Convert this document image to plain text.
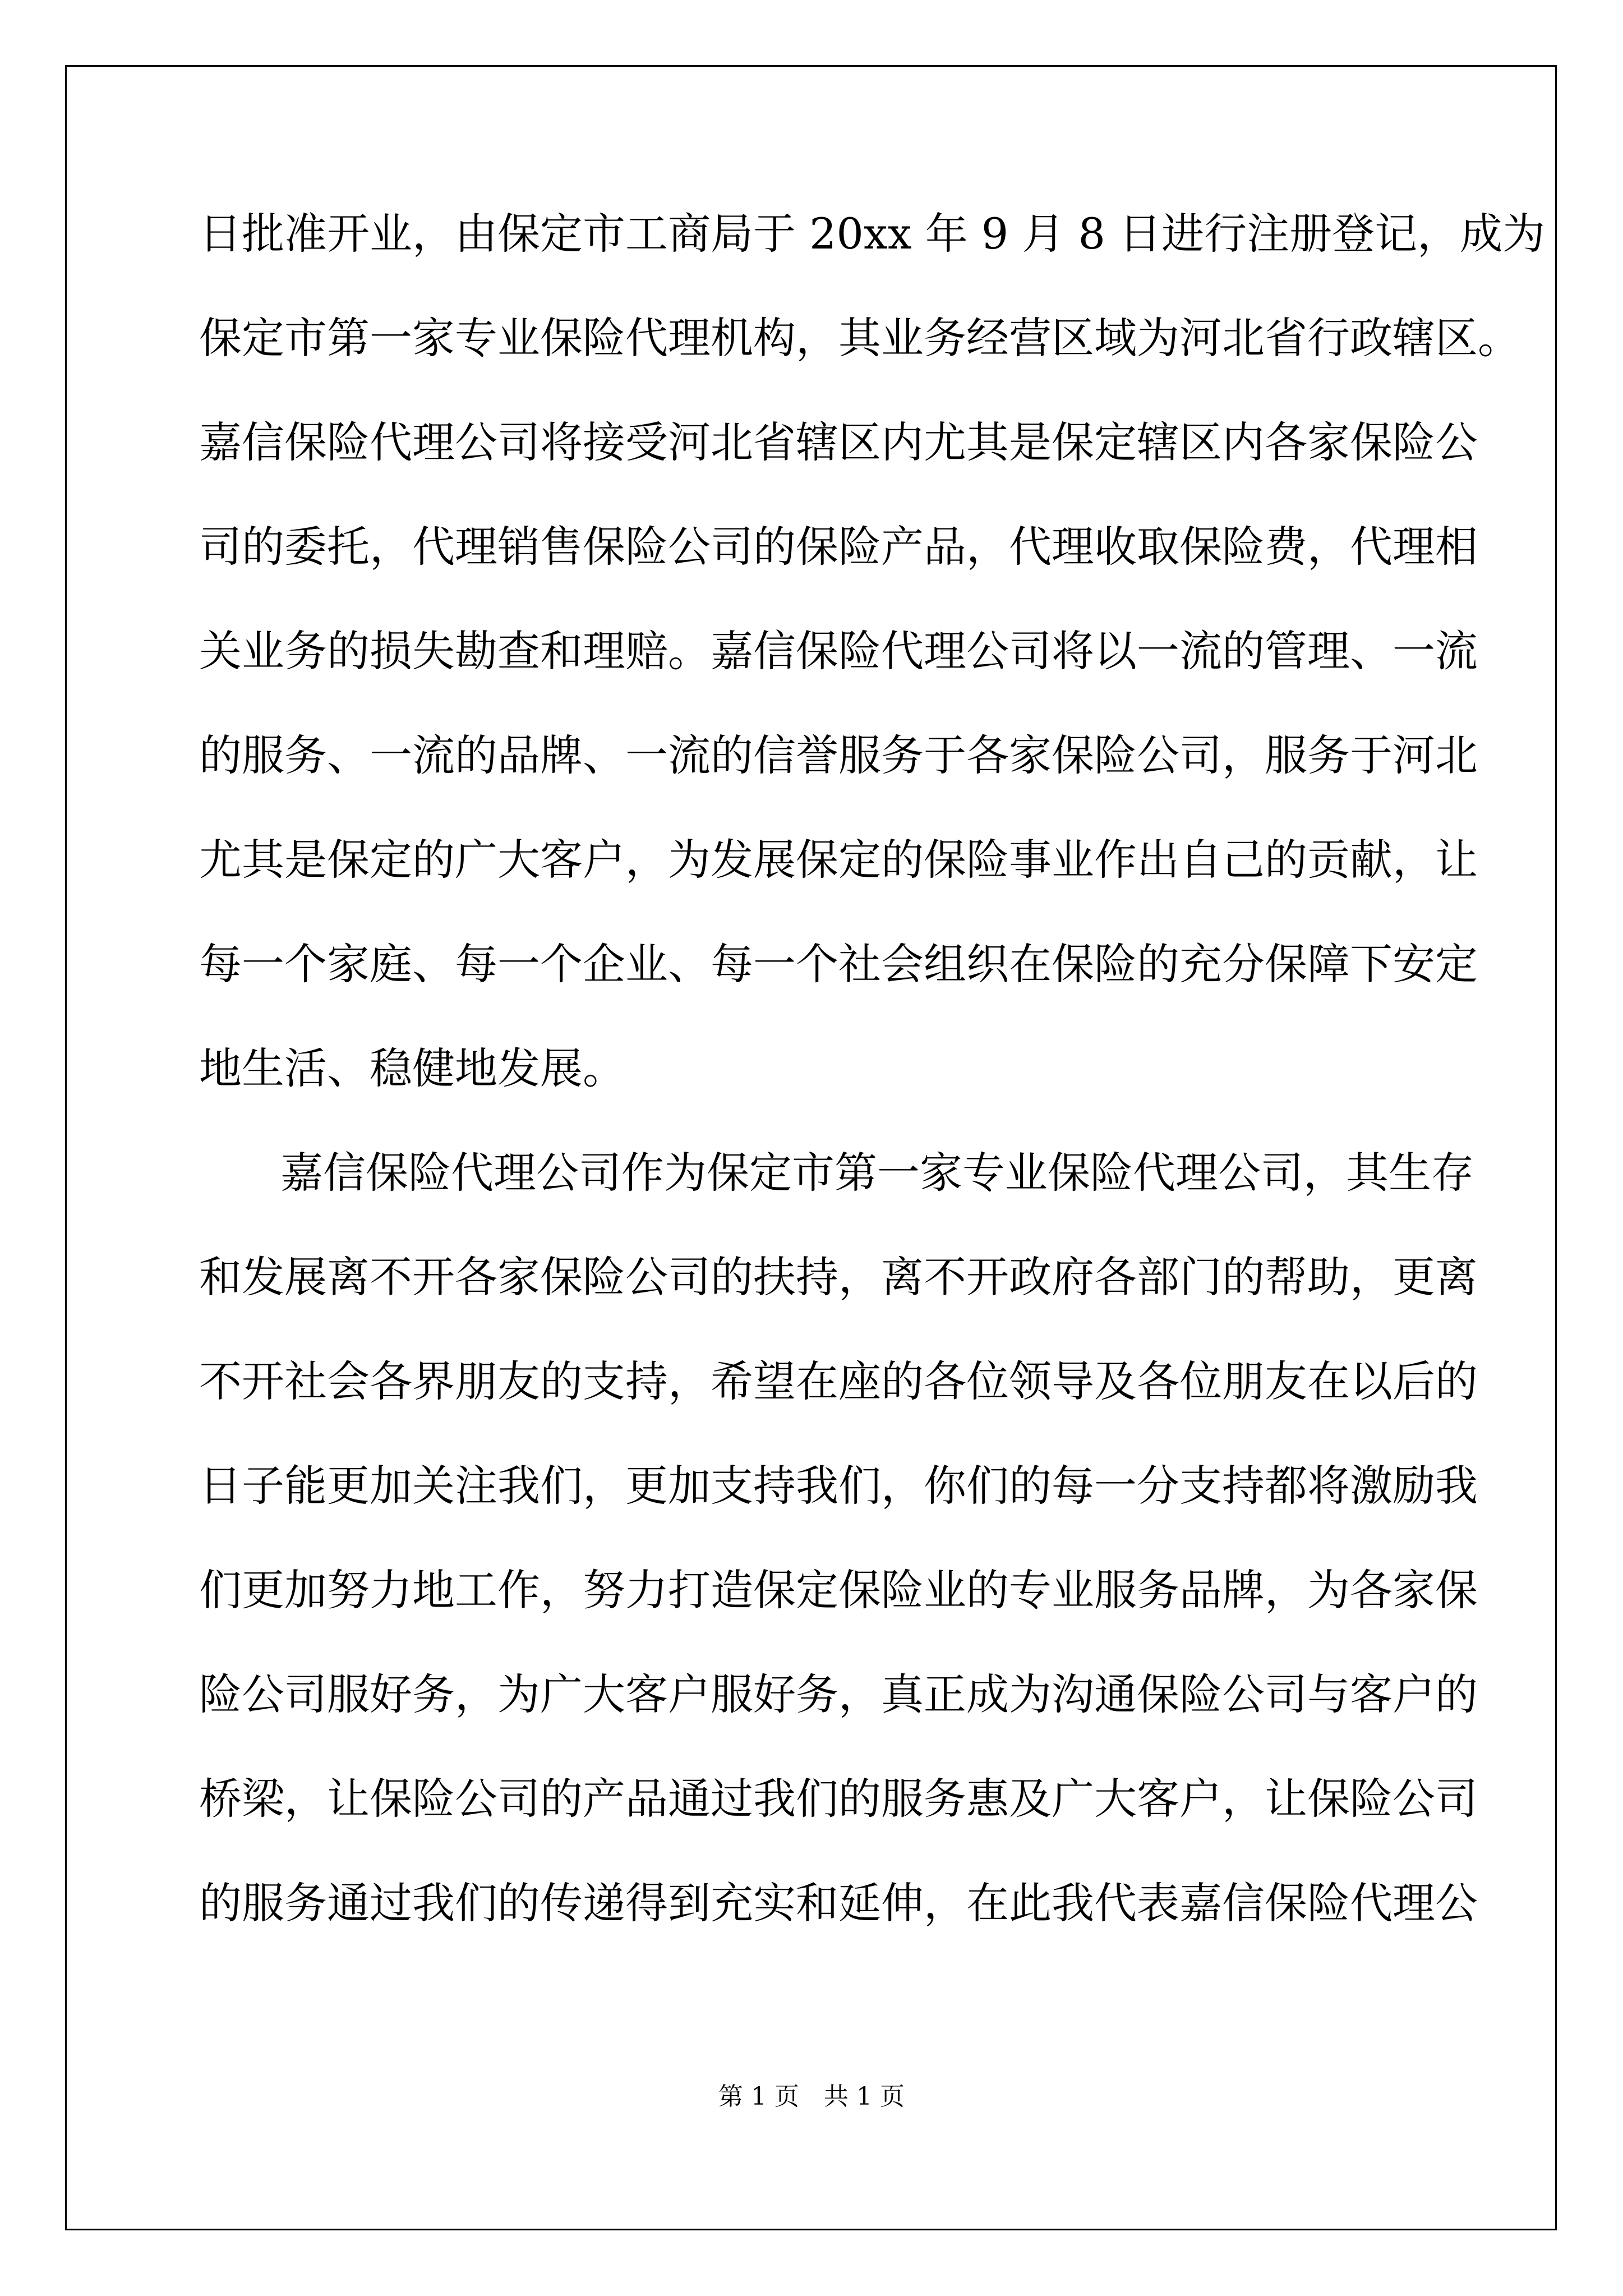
日批准开业，由保定市工商局于 20xx 年 9 月 8 日进行注册登记，成为
保定市第一家专业保险代理机构，其业务经营区域为河北省行政辖区。
嘉信保险代理公司将接受河北省辖区内尤其是保定辖区内各家保险公
司的委托，代理销售保险公司的保险产品，代理收取保险费，代理相
关业务的损失勘查和理赔。嘉信保险代理公司将以一流的管理、一流
的服务、一流的品牌、一流的信誉服务于各家保险公司，服务于河北
尤其是保定的广大客户，为发展保定的保险事业作出自己的贡献，让
每一个家庭、每一个企业、每一个社会组织在保险的充分保障下安定
地生活、稳健地发展。
嘉信保险代理公司作为保定市第一家专业保险代理公司，其生存
和发展离不开各家保险公司的扶持，离不开政府各部门的帮助，更离
不开社会各界朋友的支持，希望在座的各位领导及各位朋友在以后的
日子能更加关注我们，更加支持我们，你们的每一分支持都将激励我
们更加努力地工作，努力打造保定保险业的专业服务品牌，为各家保
险公司服好务，为广大客户服好务，真正成为沟通保险公司与客户的
桥梁，让保险公司的产品通过我们的服务惠及广大客户，让保险公司
的服务通过我们的传递得到充实和延伸，在此我代表嘉信保险代理公
第 1 页 共 1 页
